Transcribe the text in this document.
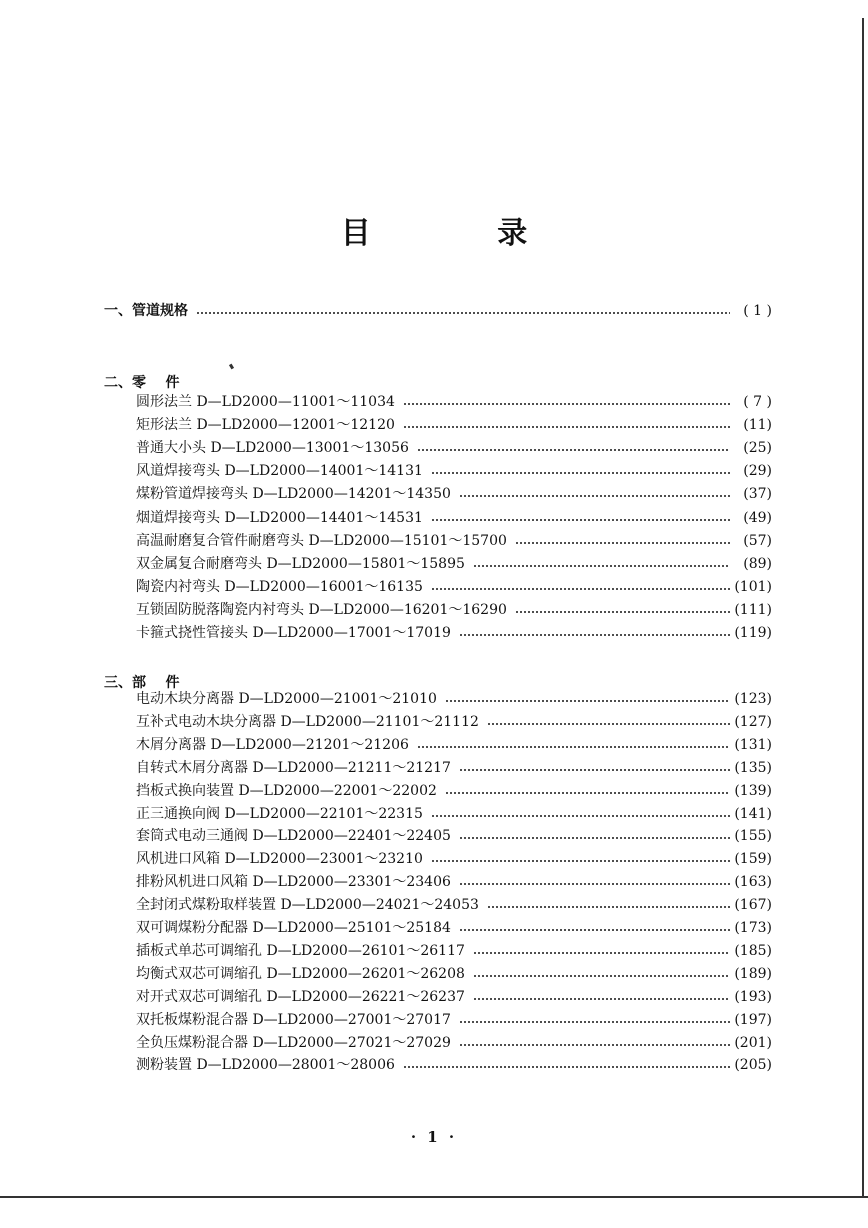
目 录
一、管道规格	( 1 )
二、零    件
圆形法兰 D—LD2000—11001～11034	( 7 )
矩形法兰 D—LD2000—12001～12120	(11)
普通大小头 D—LD2000—13001～13056	(25)
风道焊接弯头 D—LD2000—14001～14131	(29)
煤粉管道焊接弯头 D—LD2000—14201～14350	(37)
烟道焊接弯头 D—LD2000—14401～14531	(49)
高温耐磨复合管件耐磨弯头 D—LD2000—15101～15700	(57)
双金属复合耐磨弯头 D—LD2000—15801～15895	(89)
陶瓷内衬弯头 D—LD2000—16001～16135	(101)
互锁固防脱落陶瓷内衬弯头 D—LD2000—16201～16290	(111)
卡箍式挠性管接头 D—LD2000—17001～17019	(119)
三、部    件
电动木块分离器 D—LD2000—21001～21010	(123)
互补式电动木块分离器 D—LD2000—21101～21112	(127)
木屑分离器 D—LD2000—21201～21206	(131)
自转式木屑分离器 D—LD2000—21211～21217	(135)
挡板式换向装置 D—LD2000—22001～22002	(139)
正三通换向阀 D—LD2000—22101～22315	(141)
套筒式电动三通阀 D—LD2000—22401～22405	(155)
风机进口风箱 D—LD2000—23001～23210	(159)
排粉风机进口风箱 D—LD2000—23301～23406	(163)
全封闭式煤粉取样装置 D—LD2000—24021～24053	(167)
双可调煤粉分配器 D—LD2000—25101～25184	(173)
插板式单芯可调缩孔 D—LD2000—26101～26117	(185)
均衡式双芯可调缩孔 D—LD2000—26201～26208	(189)
对开式双芯可调缩孔 D—LD2000—26221～26237	(193)
双托板煤粉混合器 D—LD2000—27001～27017	(197)
全负压煤粉混合器 D—LD2000—27021～27029	(201)
测粉装置 D—LD2000—28001～28006	(205)
· 1 ·
